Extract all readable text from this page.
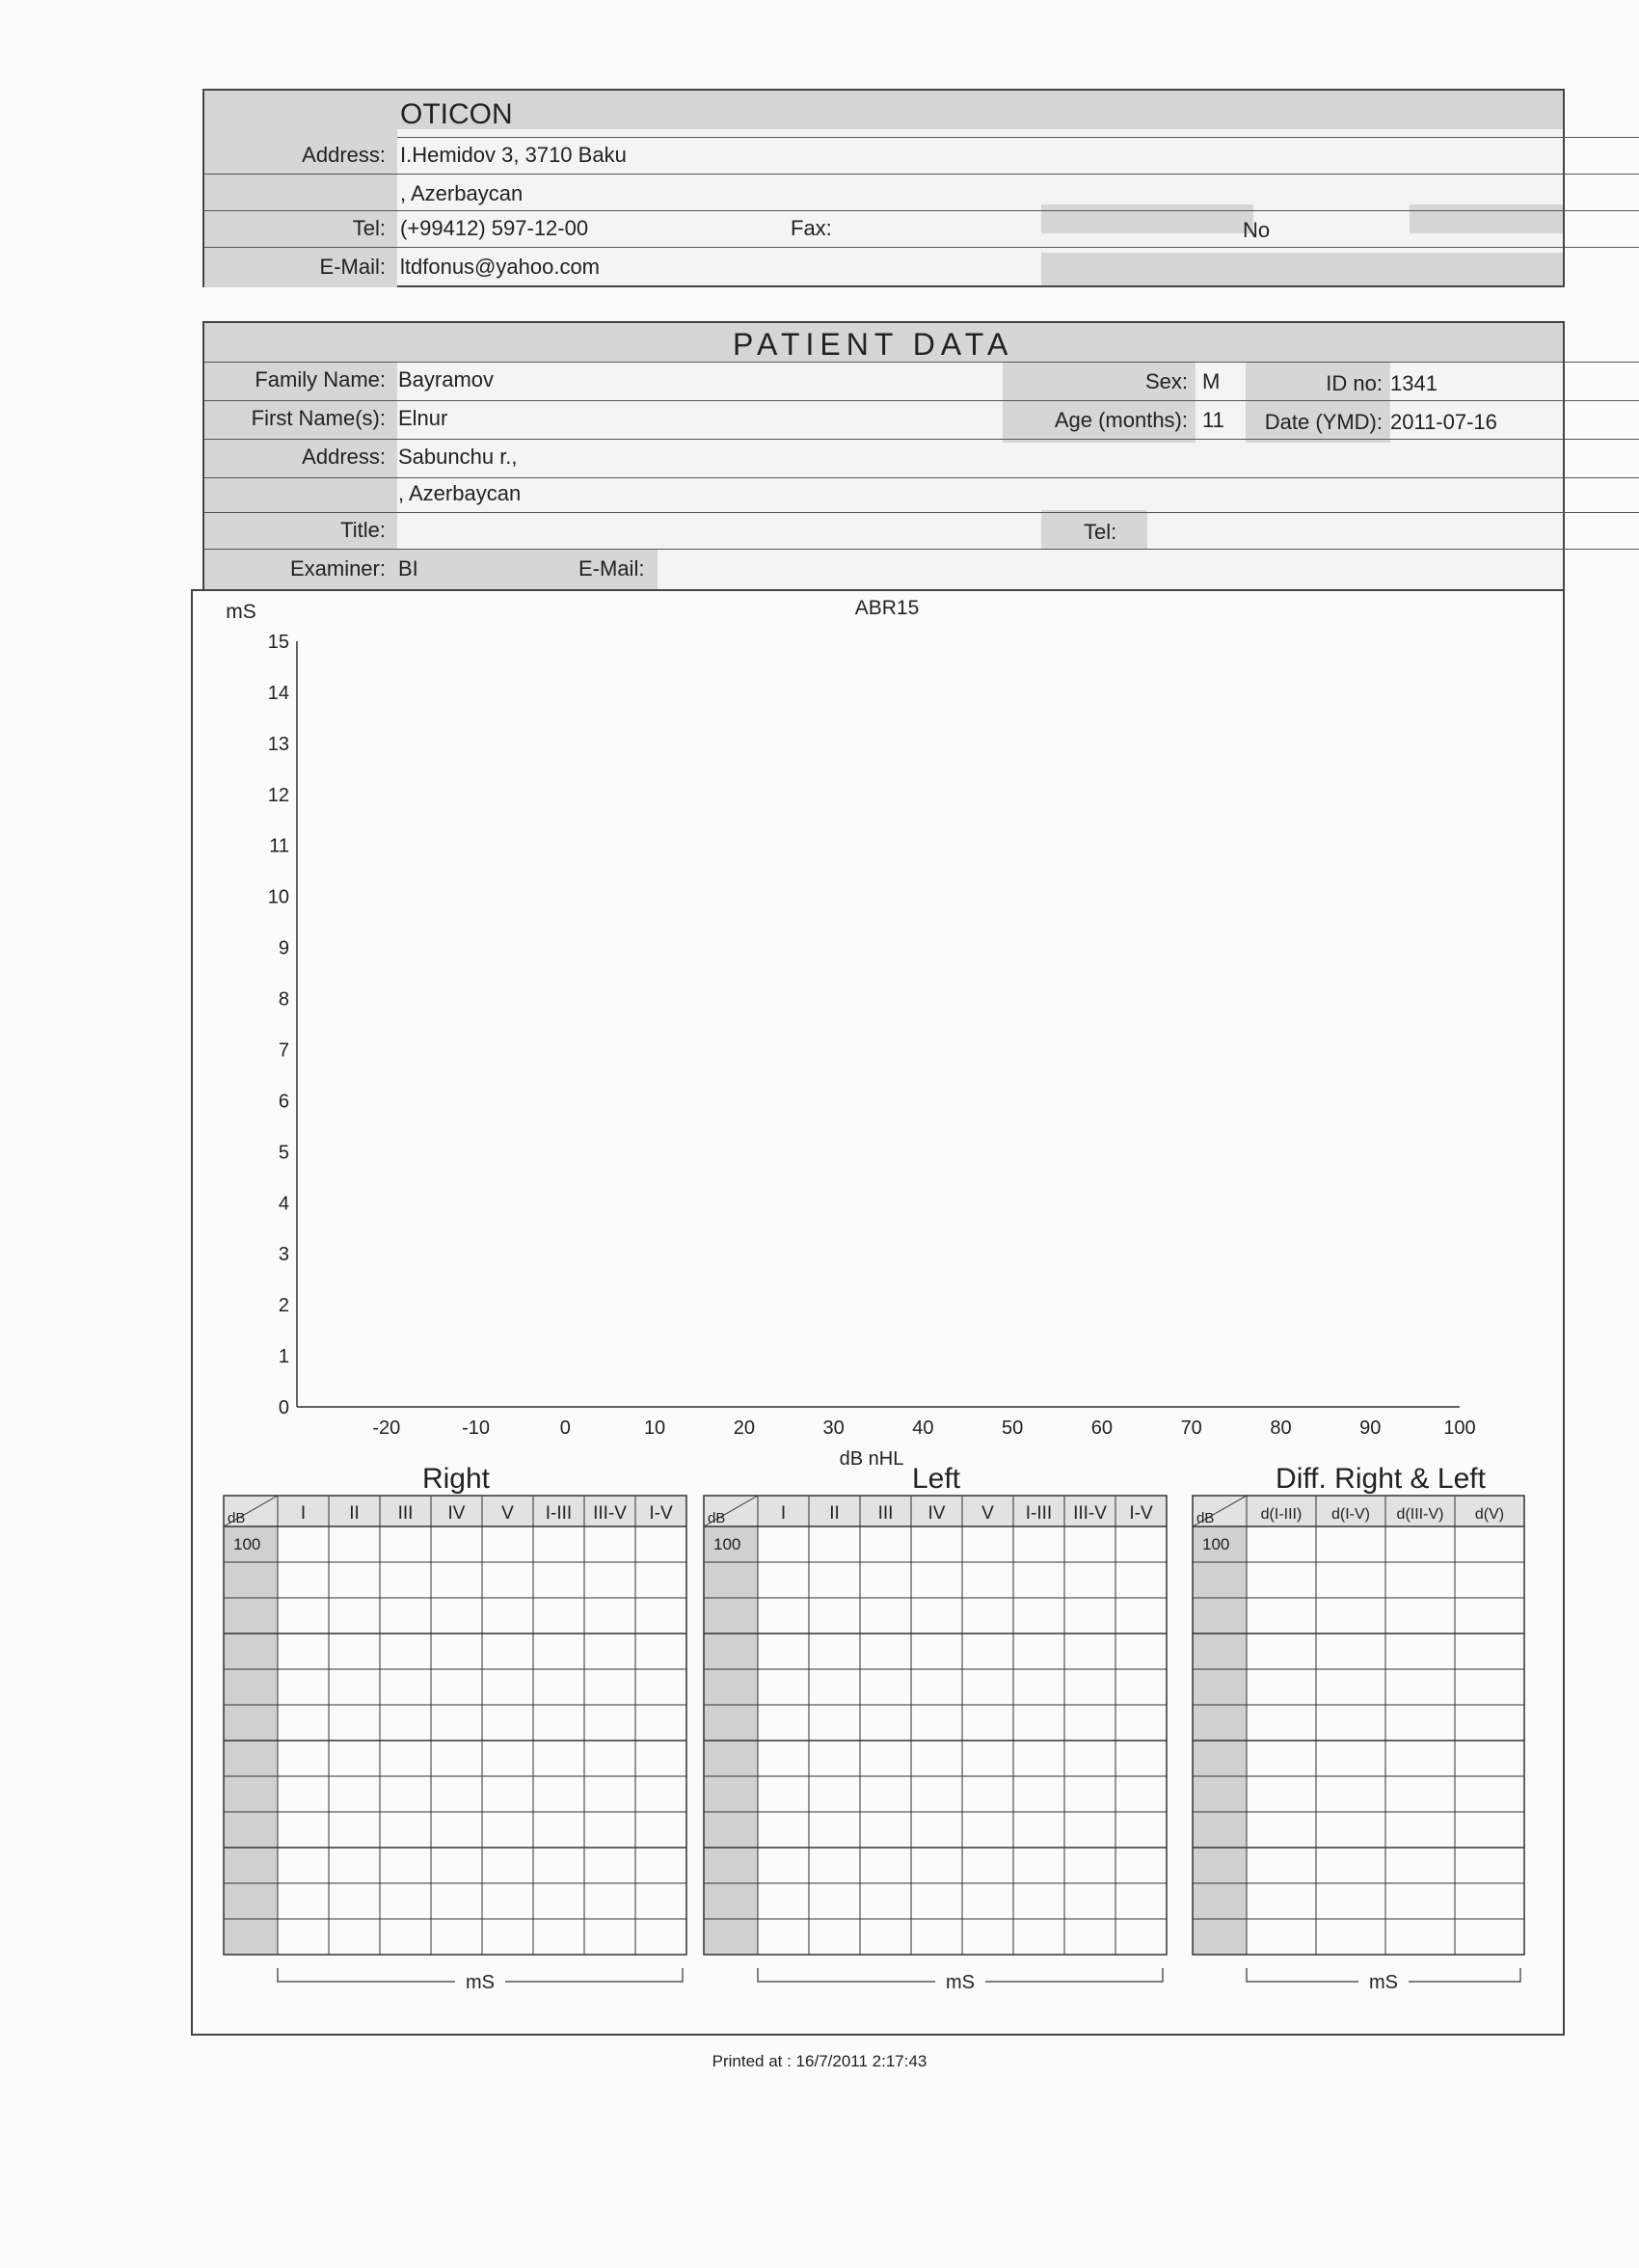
OTICON
Address: I.Hemidov 3, 3710 Baku
, Azerbaycan
Tel: (+99412) 597-12-00	Fax:	No
E-Mail: ltdfonus@yahoo.com
PATIENT DATA
Family Name: Bayramov	Sex: M	ID no: 1341
First Name(s): Elnur	Age (months): 11	Date (YMD): 2011-07-16
Address: Sabunchu r.,
, Azerbaycan
Title:	Tel:
Examiner: BI	E-Mail:
0
1
2
3
4
5
6
7
8
9
10
11
12
13
14
15
-20	-10	0	10	20	30	40	50	60	70	80	90	100
ABR15
mS
dB nHL
Right
dB	I II III IV V I-III III-V I-V
100
mS
Left
dB	I II III IV V I-III III-V I-V
100
mS
Diff. Right & Left
dB	d(I-III) d(I-V) d(III-V) d(V)
100
mS
Printed at : 16/7/2011 2:17:43
